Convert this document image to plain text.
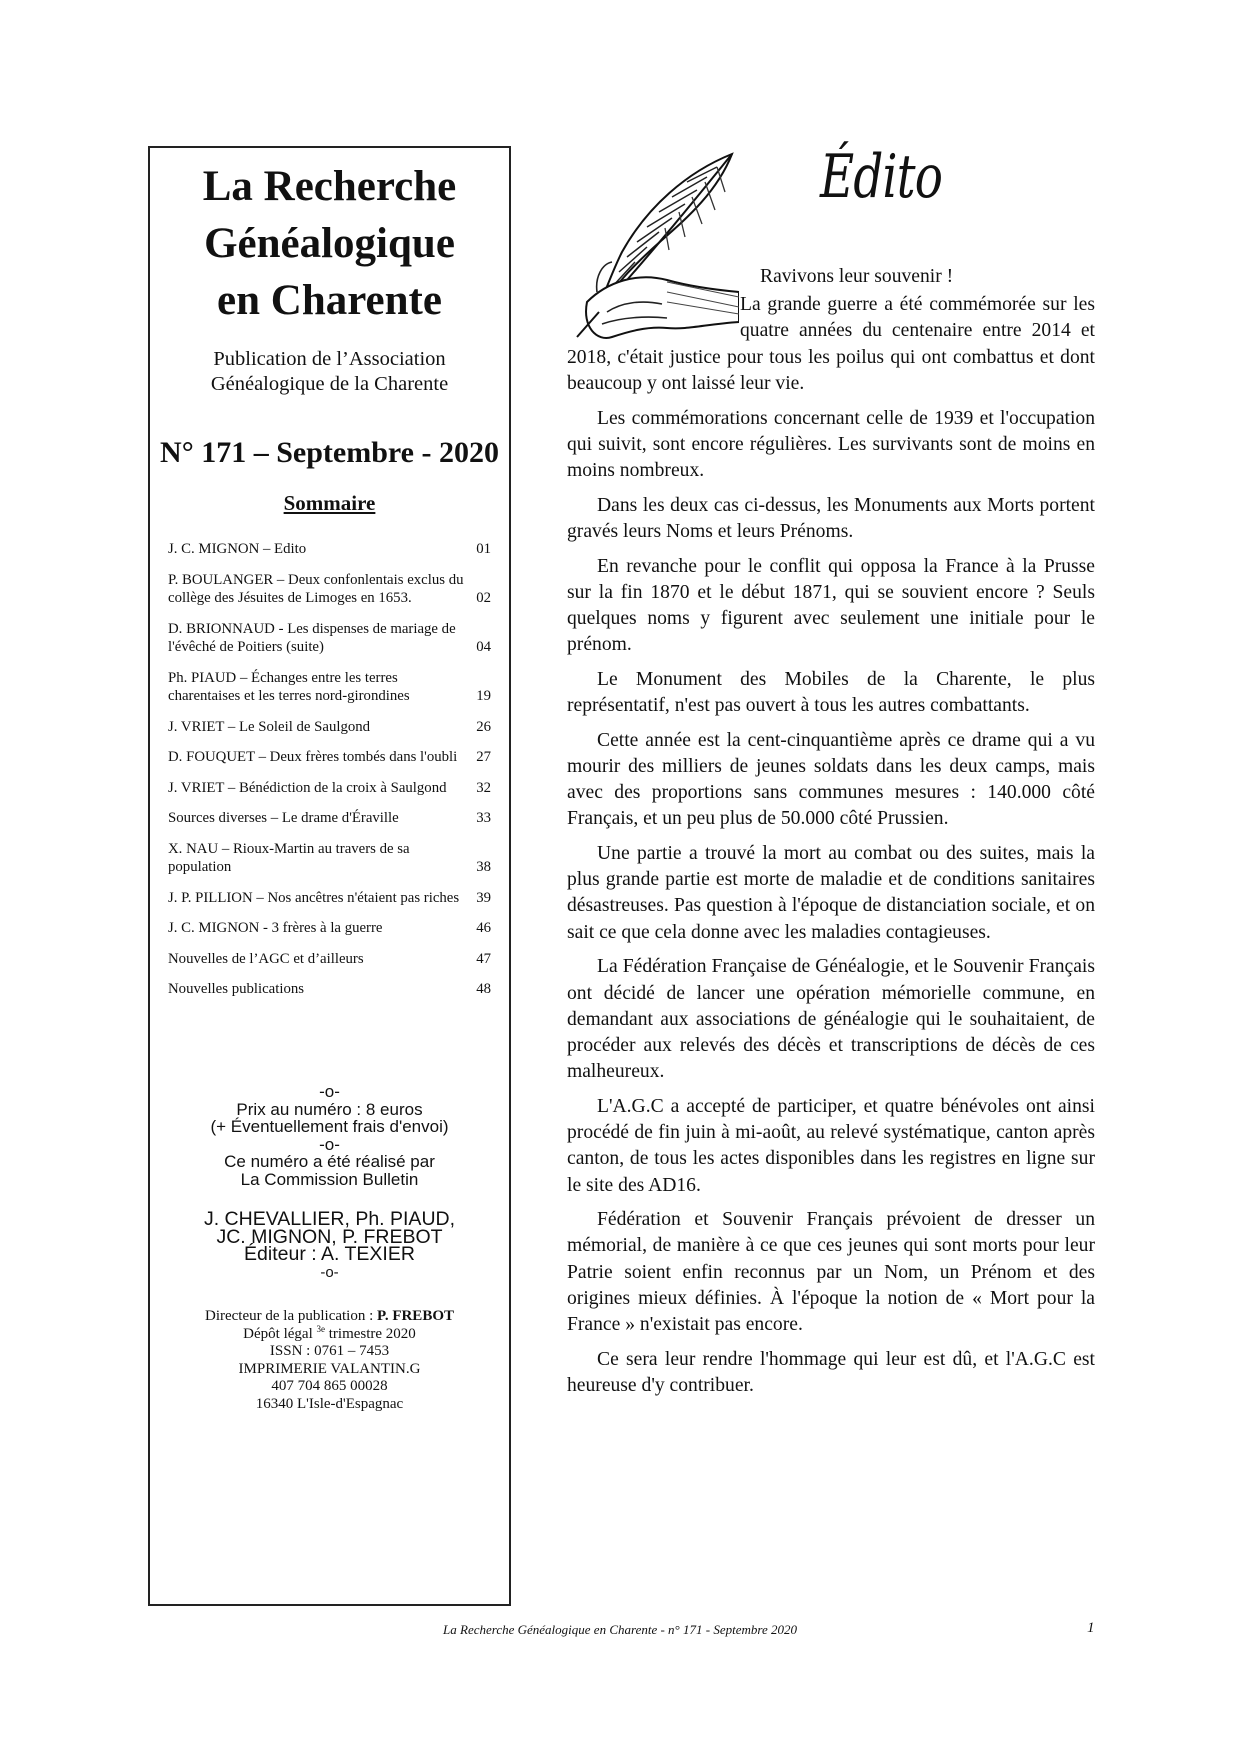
La Recherche
Généalogique
en Charente
Publication de l’Association
Généalogique de la Charente
N° 171 – Septembre - 2020
Sommaire
J. C. MIGNON – Edito	01
P. BOULANGER – Deux confonlentais exclus du collège des Jésuites de Limoges en 1653.	02
D. BRIONNAUD - Les dispenses de mariage de l'évêché de Poitiers (suite)	04
Ph. PIAUD – Échanges entre les terres charentaises et les terres nord-girondines	19
J. VRIET – Le Soleil de Saulgond	26
D. FOUQUET – Deux frères tombés dans l'oubli 27
J. VRIET – Bénédiction de la croix à Saulgond 32
Sources diverses – Le drame d'Éraville	33
X. NAU – Rioux-Martin au travers de sa population	38
J. P. PILLION – Nos ancêtres n'étaient pas riches 39
J. C. MIGNON - 3 frères à la guerre	46
Nouvelles de l’AGC et d’ailleurs	47
Nouvelles publications	48
-o-
Prix au numéro : 8 euros
(+ Éventuellement frais d'envoi)
-o-
Ce numéro a été réalisé par
La Commission Bulletin
J. CHEVALLIER, Ph. PIAUD,
JC. MIGNON, P. FREBOT
Éditeur : A. TEXIER
-o-
Directeur de la publication : P. FREBOT
Dépôt légal $^{3e}$ trimestre 2020
ISSN : 0761 – 7453
IMPRIMERIE VALANTIN.G
407 704 865 00028
16340 L'Isle-d'Espagnac
Édito

Ravivons leur souvenir !

La grande guerre a été commémorée sur les quatre années du centenaire entre 2014 et 2018, c'était justice pour tous les poilus qui ont combattus et dont beaucoup y ont laissé leur vie.

Les commémorations concernant celle de 1939 et l'occupation qui suivit, sont encore régulières. Les survivants sont de moins en moins nombreux.

Dans les deux cas ci-dessus, les Monuments aux Morts portent gravés leurs Noms et leurs Prénoms.

En revanche pour le conflit qui opposa la France à la Prusse sur la fin 1870 et le début 1871, qui se souvient encore ? Seuls quelques noms y figurent avec seulement une initiale pour le prénom.

Le Monument des Mobiles de la Charente, le plus représentatif, n'est pas ouvert à tous les autres combattants.

Cette année est la cent-cinquantième après ce drame qui a vu mourir des milliers de jeunes soldats dans les deux camps, mais avec des proportions sans communes mesures : 140.000 côté Français, et un peu plus de 50.000 côté Prussien.

Une partie a trouvé la mort au combat ou des suites, mais la plus grande partie est morte de maladie et de conditions sanitaires désastreuses. Pas question à l'époque de distanciation sociale, et on sait ce que cela donne avec les maladies contagieuses.

La Fédération Française de Généalogie, et le Souvenir Français ont décidé de lancer une opération mémorielle commune, en demandant aux associations de généalogie qui le souhaitaient, de procéder aux relevés des décès et transcriptions de décès de ces malheureux.

L'A.G.C a accepté de participer, et quatre bénévoles ont ainsi procédé de fin juin à mi-août, au relevé systématique, canton après canton, de tous les actes disponibles dans les registres en ligne sur le site des AD16.

Fédération et Souvenir Français prévoient de dresser un mémorial, de manière à ce que ces jeunes qui sont morts pour leur Patrie soient enfin reconnus par un Nom, un Prénom et des origines mieux définies. À l'époque la notion de « Mort pour la France » n'existait pas encore.

Ce sera leur rendre l'hommage qui leur est dû, et l'A.G.C est heureuse d'y contribuer.

La Recherche Généalogique en Charente - n° 171 - Septembre 2020	1
